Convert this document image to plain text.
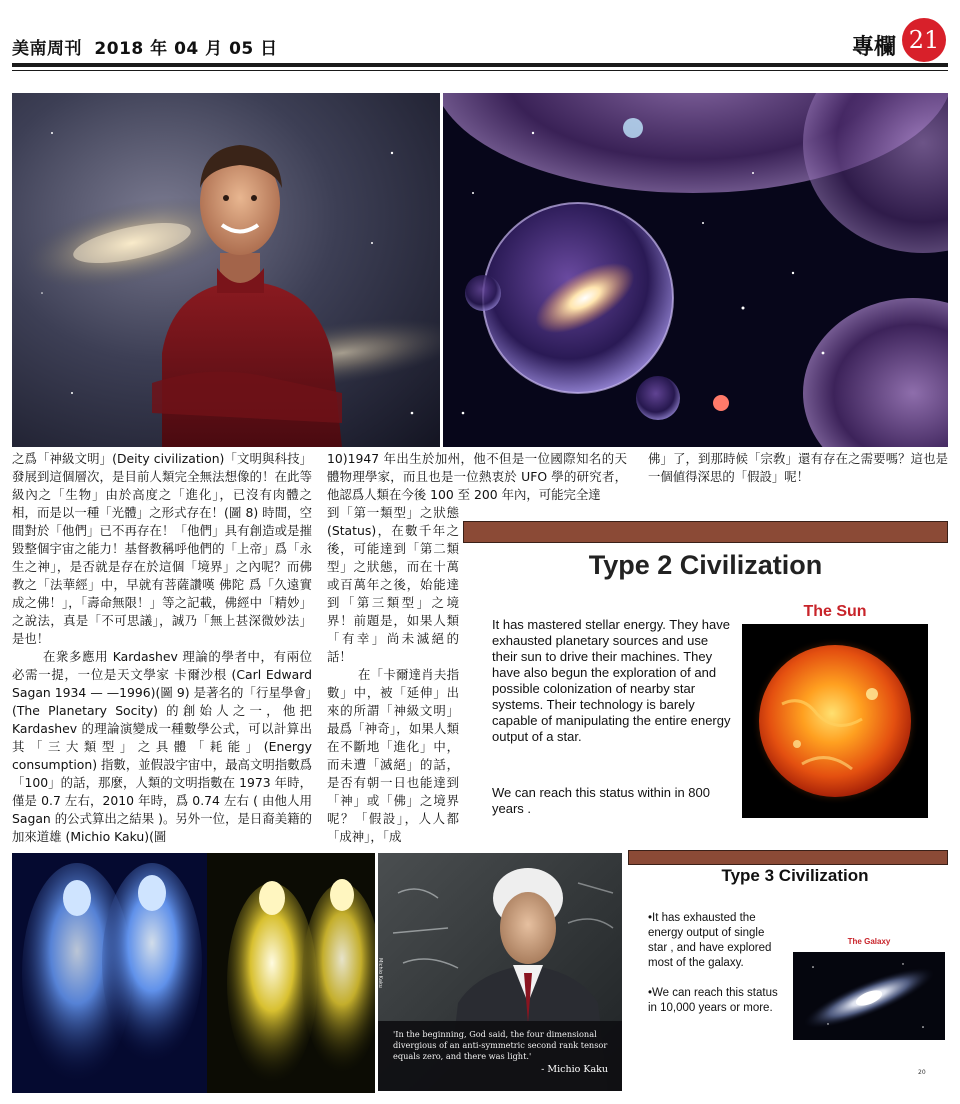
美南周刊 2018 年 04 月 05 日	專欄 21

之爲「神級文明」(Deity civilization)「文明與科技」發展到這個層次，是目前人類完全無法想像的！在此等級內之「生物」由於高度之「進化」，已沒有肉體之相，而是以一種「光體」之形式存在！(圖 8) 時間，空間對於「他們」已不再存在！「他們」具有創造或是摧毀整個宇宙之能力！基督教稱呼他們的「上帝」爲「永生之神」，是否就是存在於這個「境界」之內呢？而佛教之「法華經」中，早就有菩薩讚嘆 佛陀 爲「久遠實成之佛！」，「壽命無限！」等之記載，佛經中「精妙」之說法，真是「不可思議」，誠乃「無上甚深微妙法」是也！

在衆多應用 Kardashev 理論的學者中，有兩位必需一提，一位是天文學家 卡爾沙根 (Carl Edward Sagan 1934 — —1996)(圖 9) 是著名的「行星學會」(The Planetary Socity) 的創始人之一，他把 Kardashev 的理論演變成一種數學公式，可以計算出其「三大類型」之具體「耗能」(Energy consumption) 指數，並假設宇宙中，最高文明指數爲「100」的話，那麼，人類的文明指數在 1973 年時，僅是 0.7 左右，2010 年時，爲 0.74 左右 ( 由他人用 Sagan 的公式算出之結果 )。另外一位，是日裔美籍的 加來道雄 (Michio Kaku)(圖

10)1947 年出生於加州，他不但是一位國際知名的天體物理學家，而且也是一位熱衷於 UFO 學的研究者，他認爲人類在今後 100 至 200 年內，可能完全達

到「第一類型」之狀態 (Status)，在數千年之後，可能達到「第二類型」之狀態，而在十萬或百萬年之後，始能達到「第三類型」之境界！前題是，如果人類「有幸」尚未滅絕的話！

在「卡爾達肖夫指數」中，被「延伸」出來的所謂「神級文明」最爲「神奇」，如果人類在不斷地「進化」中，而未遭「滅絕」的話，是否有朝一日也能達到「神」或「佛」之境界呢？「假設」，人人都「成神」，「成

佛」了，到那時候「宗敎」還有存在之需要嗎？這也是一個値得深思的「假設」呢！

Type 2 Civilization
It has mastered stellar energy. They have exhausted planetary sources and use their sun to drive their machines. They have also begun the exploration of and possible colonization of nearby star systems. Their technology is barely capable of manipulating the entire energy output of a star.
We can reach this status within in 800 years .
The Sun
'In the beginning, God said, the four dimensional divergious of an anti-symmetric second rank tensor equals zero, and there was light.'
- Michio Kaku
Michio Kaku
Type 3 Civilization

•It has exhausted the energy output of single star , and have explored most of the galaxy.

•We can reach this status in 10,000 years or more.

The Galaxy
20
